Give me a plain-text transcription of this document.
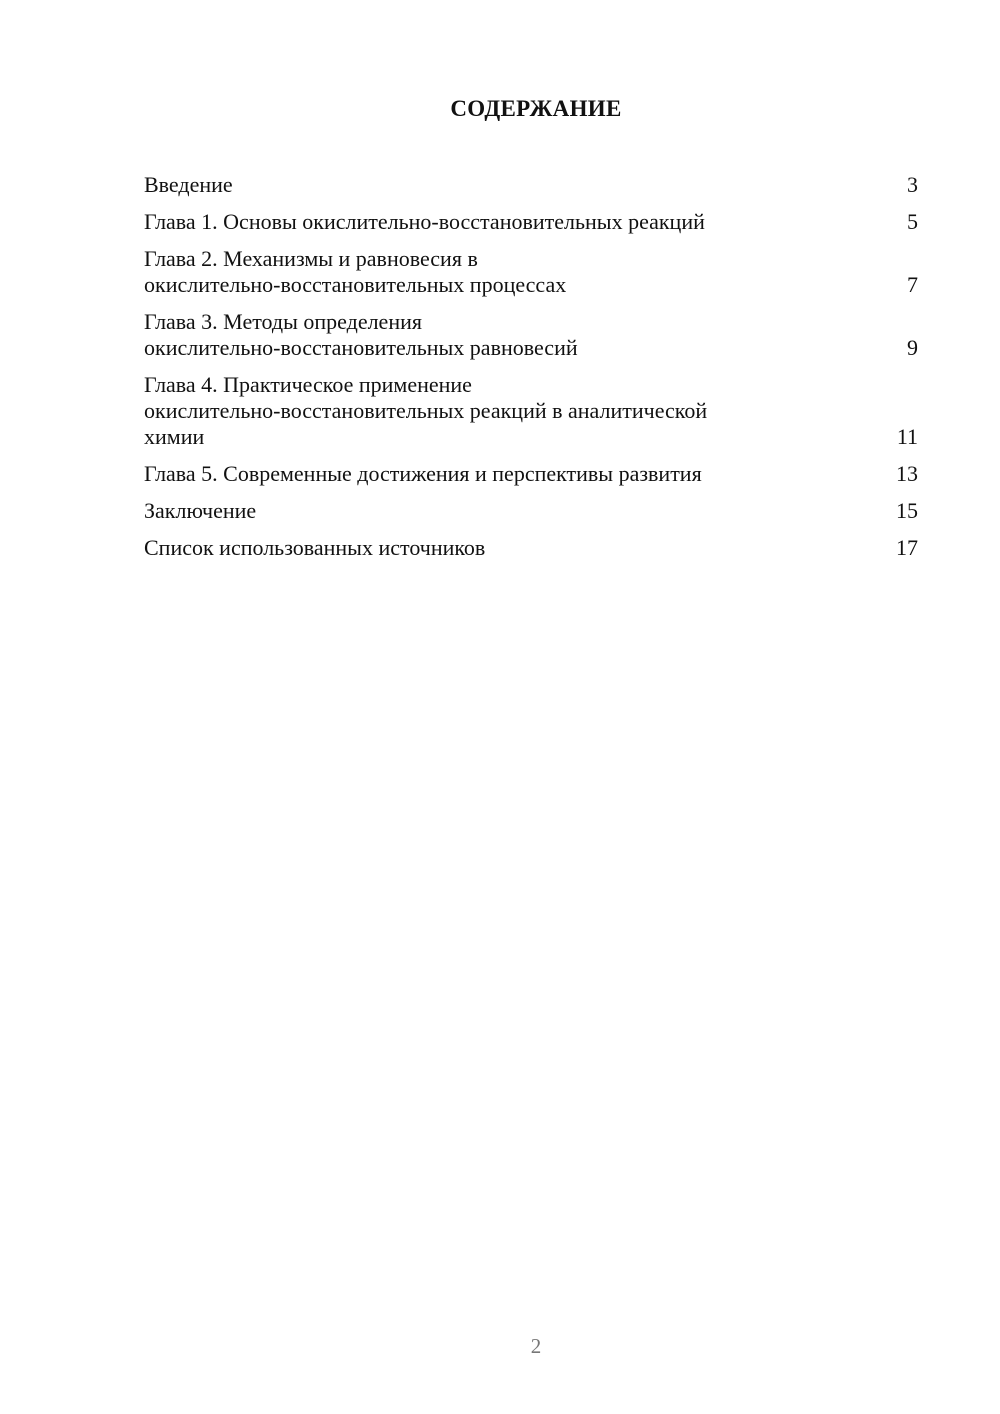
СОДЕРЖАНИЕ
Введение	3
Глава 1. Основы окислительно-восстановительных реакций	5
Глава 2. Механизмы и равновесия в
окислительно-восстановительных процессах	7
Глава 3. Методы определения
окислительно-восстановительных равновесий	9
Глава 4. Практическое применение
окислительно-восстановительных реакций в аналитической
химии	11
Глава 5. Современные достижения и перспективы развития	13
Заключение	15
Список использованных источников	17
2
